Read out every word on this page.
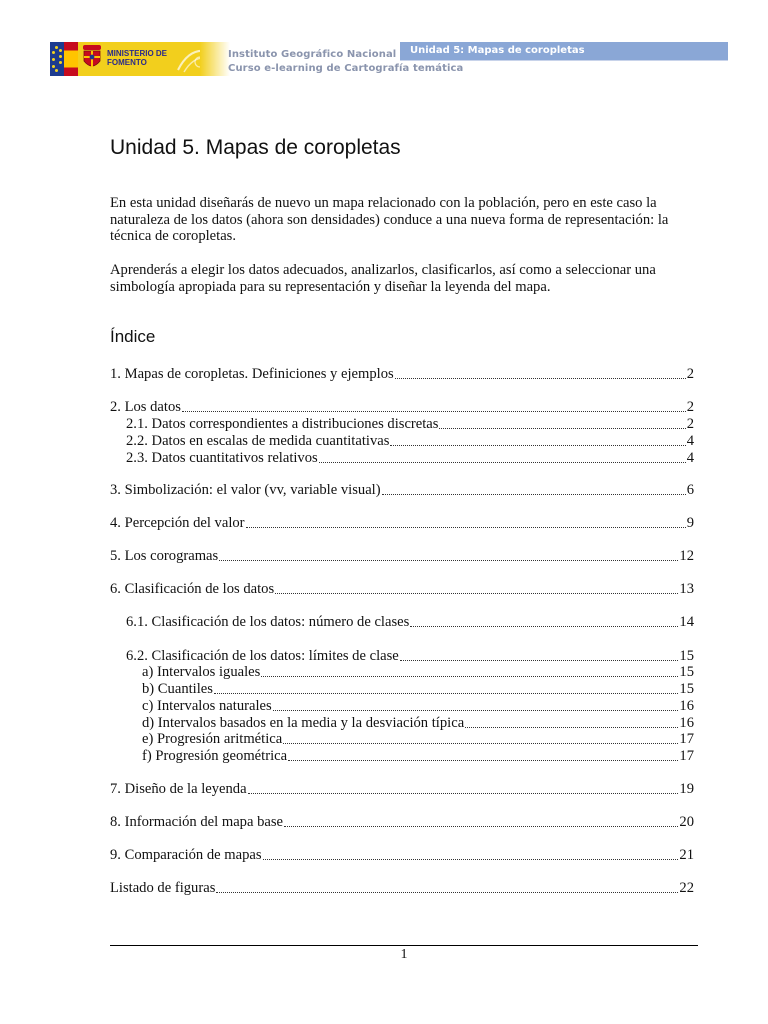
MINISTERIO DE
FOMENTO
Instituto Geográfico Nacional
Curso e-learning de Cartografía temática
Unidad 5: Mapas de coropletas
Unidad 5. Mapas de coropletas

En esta unidad diseñarás de nuevo un mapa relacionado con la población, pero en este caso la naturaleza de los datos (ahora son densidades) conduce a una nueva forma de representación: la técnica de coropletas.

Aprenderás a elegir los datos adecuados, analizarlos, clasificarlos, así como a seleccionar una simbología apropiada para su representación y diseñar la leyenda del mapa.

Índice
1. Mapas de coropletas. Definiciones y ejemplos	2
2. Los datos	2
2.1. Datos correspondientes a distribuciones discretas	2
2.2. Datos en escalas de medida cuantitativas	4
2.3. Datos cuantitativos relativos	4
3. Simbolización: el valor (vv, variable visual)	6
4. Percepción del valor	9
5. Los corogramas	12
6. Clasificación de los datos	13
6.1. Clasificación de los datos: número de clases	14
6.2. Clasificación de los datos: límites de clase	15
a) Intervalos iguales	15
b) Cuantiles	15
c) Intervalos naturales	16
d) Intervalos basados en la media y la desviación típica	16
e) Progresión aritmética	17
f) Progresión geométrica	17
7. Diseño de la leyenda	19
8. Información del mapa base	20
9. Comparación de mapas	21
Listado de figuras	22
1
